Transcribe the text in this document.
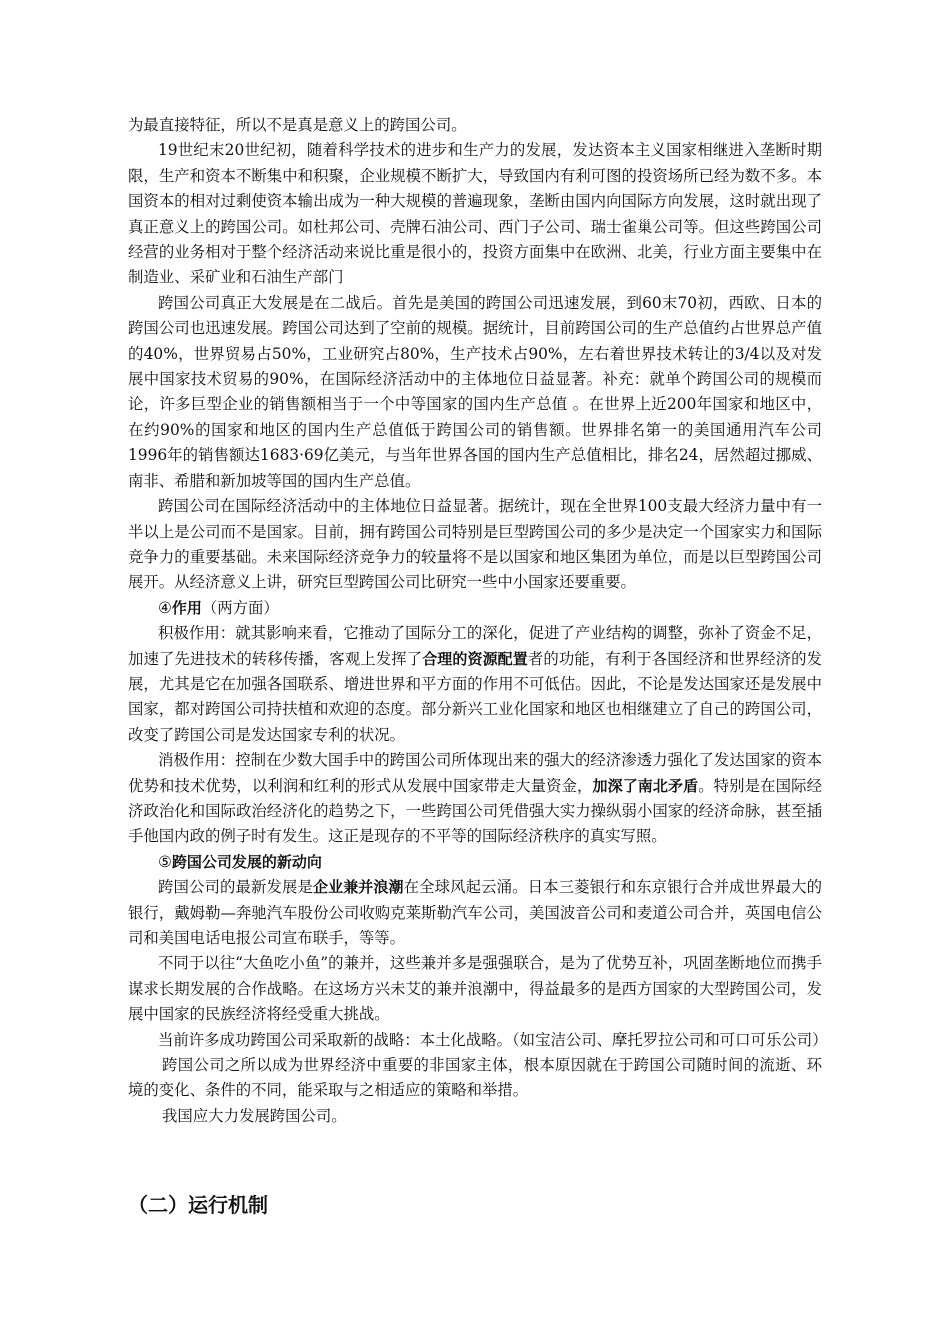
为最直接特征，所以不是真是意义上的跨国公司。

19世纪末20世纪初，随着科学技术的进步和生产力的发展，发达资本主义国家相继进入垄断时期限，生产和资本不断集中和积聚，企业规模不断扩大，导致国内有利可图的投资场所已经为数不多。本国资本的相对过剩使资本输出成为一种大规模的普遍现象，垄断由国内向国际方向发展，这时就出现了真正意义上的跨国公司。如杜邦公司、壳牌石油公司、西门子公司、瑞士雀巢公司等。但这些跨国公司经营的业务相对于整个经济活动来说比重是很小的，投资方面集中在欧洲、北美，行业方面主要集中在制造业、采矿业和石油生产部门

跨国公司真正大发展是在二战后。首先是美国的跨国公司迅速发展，到60末70初，西欧、日本的跨国公司也迅速发展。跨国公司达到了空前的规模。据统计，目前跨国公司的生产总值约占世界总产值的40%，世界贸易占50%，工业研究占80%，生产技术占90%，左右着世界技术转让的3/4以及对发展中国家技术贸易的90%，在国际经济活动中的主体地位日益显著。补充：就单个跨国公司的规模而论，许多巨型企业的销售额相当于一个中等国家的国内生产总值 。在世界上近200年国家和地区中，在约90%的国家和地区的国内生产总值低于跨国公司的销售额。世界排名第一的美国通用汽车公司1996年的销售额达1683·69亿美元，与当年世界各国的国内生产总值相比，排名24，居然超过挪威、南非、希腊和新加坡等国的国内生产总值。

跨国公司在国际经济活动中的主体地位日益显著。据统计，现在全世界100支最大经济力量中有一半以上是公司而不是国家。目前，拥有跨国公司特别是巨型跨国公司的多少是决定一个国家实力和国际竞争力的重要基础。未来国际经济竞争力的较量将不是以国家和地区集团为单位，而是以巨型跨国公司展开。从经济意义上讲，研究巨型跨国公司比研究一些中小国家还要重要。

④作用（两方面）

积极作用：就其影响来看，它推动了国际分工的深化，促进了产业结构的调整，弥补了资金不足，加速了先进技术的转移传播，客观上发挥了合理的资源配置者的功能，有利于各国经济和世界经济的发展，尤其是它在加强各国联系、增进世界和平方面的作用不可低估。因此，不论是发达国家还是发展中国家，都对跨国公司持扶植和欢迎的态度。部分新兴工业化国家和地区也相继建立了自己的跨国公司，改变了跨国公司是发达国家专利的状况。

消极作用：控制在少数大国手中的跨国公司所体现出来的强大的经济渗透力强化了发达国家的资本优势和技术优势，以利润和红利的形式从发展中国家带走大量资金，加深了南北矛盾。特别是在国际经济政治化和国际政治经济化的趋势之下，一些跨国公司凭借强大实力操纵弱小国家的经济命脉，甚至插手他国内政的例子时有发生。这正是现存的不平等的国际经济秩序的真实写照。

⑤跨国公司发展的新动向

跨国公司的最新发展是企业兼并浪潮在全球风起云涌。日本三菱银行和东京银行合并成世界最大的银行，戴姆勒—奔驰汽车股份公司收购克莱斯勒汽车公司，美国波音公司和麦道公司合并，英国电信公司和美国电话电报公司宣布联手，等等。

不同于以往“大鱼吃小鱼”的兼并，这些兼并多是强强联合，是为了优势互补，巩固垄断地位而携手谋求长期发展的合作战略。在这场方兴未艾的兼并浪潮中，得益最多的是西方国家的大型跨国公司，发展中国家的民族经济将经受重大挑战。

当前许多成功跨国公司采取新的战略：本土化战略。（如宝洁公司、摩托罗拉公司和可口可乐公司）

跨国公司之所以成为世界经济中重要的非国家主体，根本原因就在于跨国公司随时间的流逝、环境的变化、条件的不同，能采取与之相适应的策略和举措。

我国应大力发展跨国公司。

（二）运行机制
